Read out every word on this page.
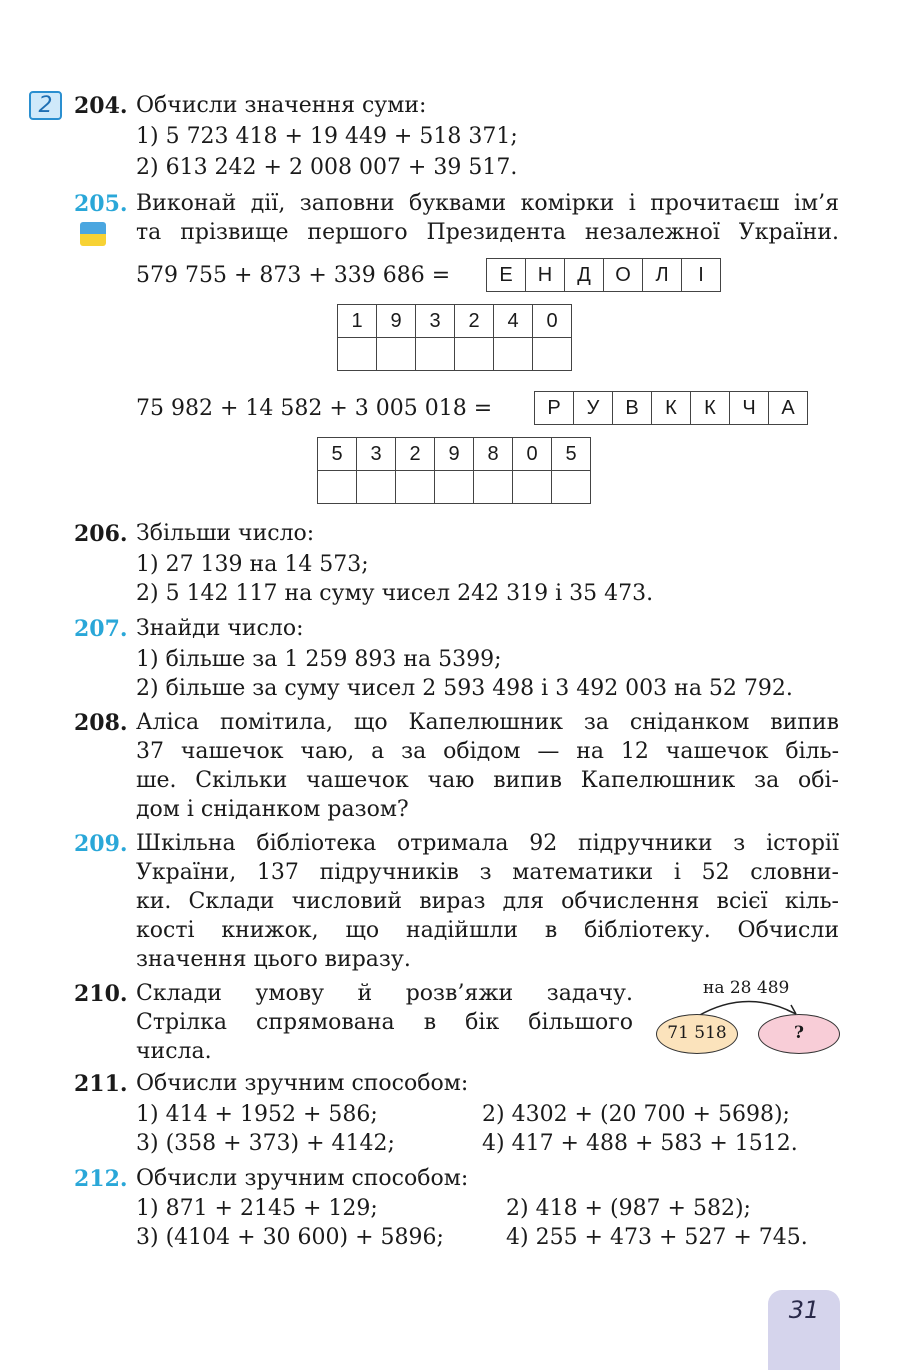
2 204. Обчисли значення суми:
1) 5 723 418 + 19 449 + 518 371;
2) 613 242 + 2 008 007 + 39 517.
205. Виконай дії, заповни буквами комірки і прочитаєш ім’я
та прізвище першого Президента незалежної України.
579 755 + 873 + 339 686 = Е	Н	Д	О	Л	І
1	9	3	2	4	0

75 982 + 14 582 + 3 005 018 =	Р	У	В	К	К	Ч	А
5	3	2	9	8	0	5

206. Збільши число:
1) 27 139 на 14 573;
2) 5 142 117 на суму чисел 242 319 і 35 473.
207. Знайди число:
1) більше за 1 259 893 на 5399;
2) більше за суму чисел 2 593 498 і 3 492 003 на 52 792.
208. Аліса помітила, що Капелюшник за сніданком випив
37 чашечок чаю, а за обідом — на 12 чашечок біль-
ше. Скільки чашечок чаю випив Капелюшник за обі-
дом і сніданком разом?
209. Шкільна бібліотека отримала 92 підручники з історії
України, 137 підручників з математики і 52 словни-
ки. Склади числовий вираз для обчислення всієї кіль-
кості книжок, що надійшли в бібліотеку. Обчисли
значення цього виразу.
210. Склади умову й розв’яжи задачу.
Стрілка спрямована в бік більшого
числа.
на 28 489
71 518	?
211. Обчисли зручним способом:
1) 414 + 1952 + 586;	2) 4302 + (20 700 + 5698);
3) (358 + 373) + 4142;	4) 417 + 488 + 583 + 1512.
212. Обчисли зручним способом:
1) 871 + 2145 + 129;	2) 418 + (987 + 582);
3) (4104 + 30 600) + 5896;	4) 255 + 473 + 527 + 745.
31
